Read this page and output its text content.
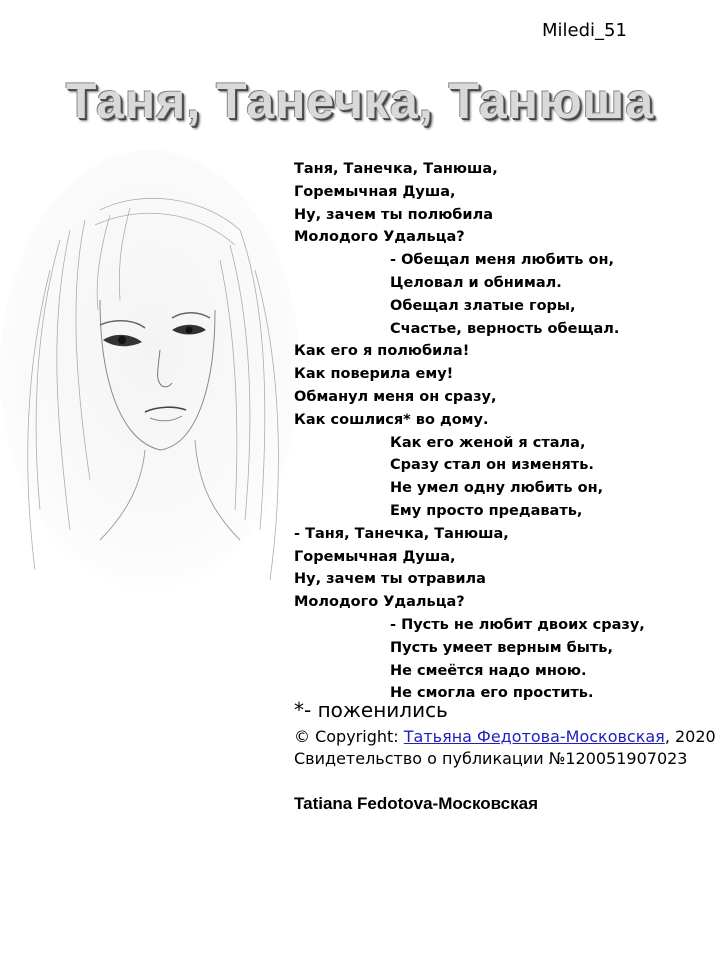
Miledi_51
Таня, Танечка, Танюша
Таня, Танечка, Танюша,
Горемычная Душа,
Ну, зачем ты полюбила
Молодого Удальца?
- Обещал меня любить он,
Целовал и обнимал.
Обещал златые горы,
Счастье, верность обещал.
Как его я полюбила!
Как поверила ему!
Обманул меня он сразу,
Как сошлися* во дому.
Как его женой я стала,
Сразу стал он изменять.
Не умел одну любить он,
Ему просто предавать,
- Таня, Танечка, Танюша,
Горемычная Душа,
Ну, зачем ты отравила
Молодого Удальца?
- Пусть не любит двоих сразу,
Пусть умеет верным быть,
Не смеётся надо мною.
Не смогла его простить.
*- поженились
© Copyright: Татьяна Федотова-Московская, 2020
Свидетельство о публикации №120051907023
Tatiana Fedotova-Московская
